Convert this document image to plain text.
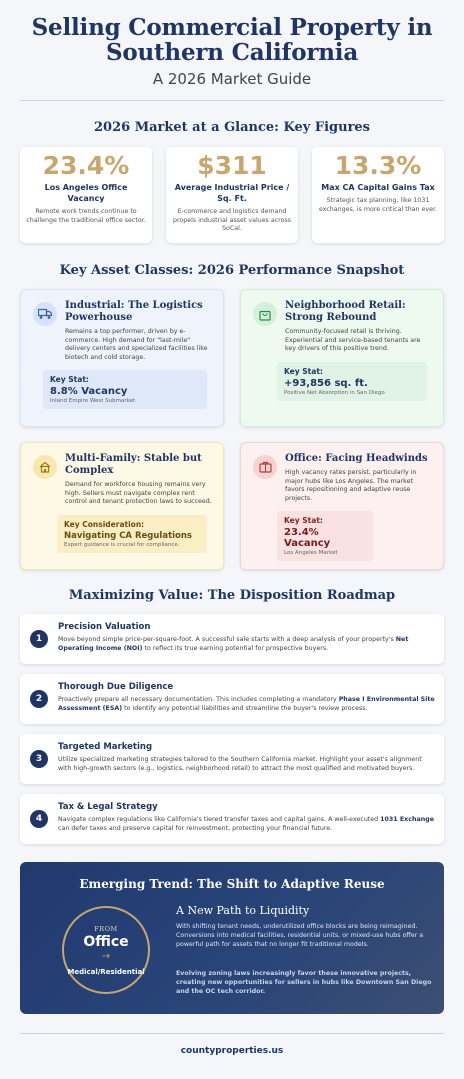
Selling Commercial Property in
Southern California
A 2026 Market Guide
2026 Market at a Glance: Key Figures
23.4%
Los Angeles Office Vacancy
Remote work trends continue to challenge the traditional office sector.
$311
Average Industrial Price / Sq. Ft.
E-commerce and logistics demand propels industrial asset values across SoCal.
13.3%
Max CA Capital Gains Tax
Strategic tax planning, like 1031 exchanges, is more critical than ever.
Key Asset Classes: 2026 Performance Snapshot
Industrial: The Logistics Powerhouse
Remains a top performer, driven by e-commerce. High demand for "last-mile" delivery centers and specialized facilities like biotech and cold storage.
Key Stat:
8.8% Vacancy
Inland Empire West Submarket
Neighborhood Retail: Strong Rebound
Community-focused retail is thriving. Experiential and service-based tenants are key drivers of this positive trend.
Key Stat:
+93,856 sq. ft.
Positive Net Absorption in San Diego
Multi-Family: Stable but Complex
Demand for workforce housing remains very high. Sellers must navigate complex rent control and tenant protection laws to succeed.
Key Consideration:
Navigating CA Regulations
Expert guidance is crucial for compliance.
Office: Facing Headwinds
High vacancy rates persist, particularly in major hubs like Los Angeles. The market favors repositioning and adaptive reuse projects.
Key Stat:
23.4% Vacancy
Los Angeles Market
Maximizing Value: The Disposition Roadmap
1
Precision Valuation
Move beyond simple price-per-square-foot. A successful sale starts with a deep analysis of your property's Net Operating Income (NOI) to reflect its true earning potential for prospective buyers.
2
Thorough Due Diligence
Proactively prepare all necessary documentation. This includes completing a mandatory Phase I Environmental Site Assessment (ESA) to identify any potential liabilities and streamline the buyer's review process.
3
Targeted Marketing
Utilize specialized marketing strategies tailored to the Southern California market. Highlight your asset's alignment with high-growth sectors (e.g., logistics, neighborhood retail) to attract the most qualified and motivated buyers.
4
Tax & Legal Strategy
Navigate complex regulations like California's tiered transfer taxes and capital gains. A well-executed 1031 Exchange can defer taxes and preserve capital for reinvestment, protecting your financial future.
Emerging Trend: The Shift to Adaptive Reuse
FROM
Office
→
Medical/Residential
A New Path to Liquidity
With shifting tenant needs, underutilized office blocks are being reimagined. Conversions into medical facilities, residential units, or mixed-use hubs offer a powerful path for assets that no longer fit traditional models.
Evolving zoning laws increasingly favor these innovative projects, creating new opportunities for sellers in hubs like Downtown San Diego and the OC tech corridor.
countyproperties.us
